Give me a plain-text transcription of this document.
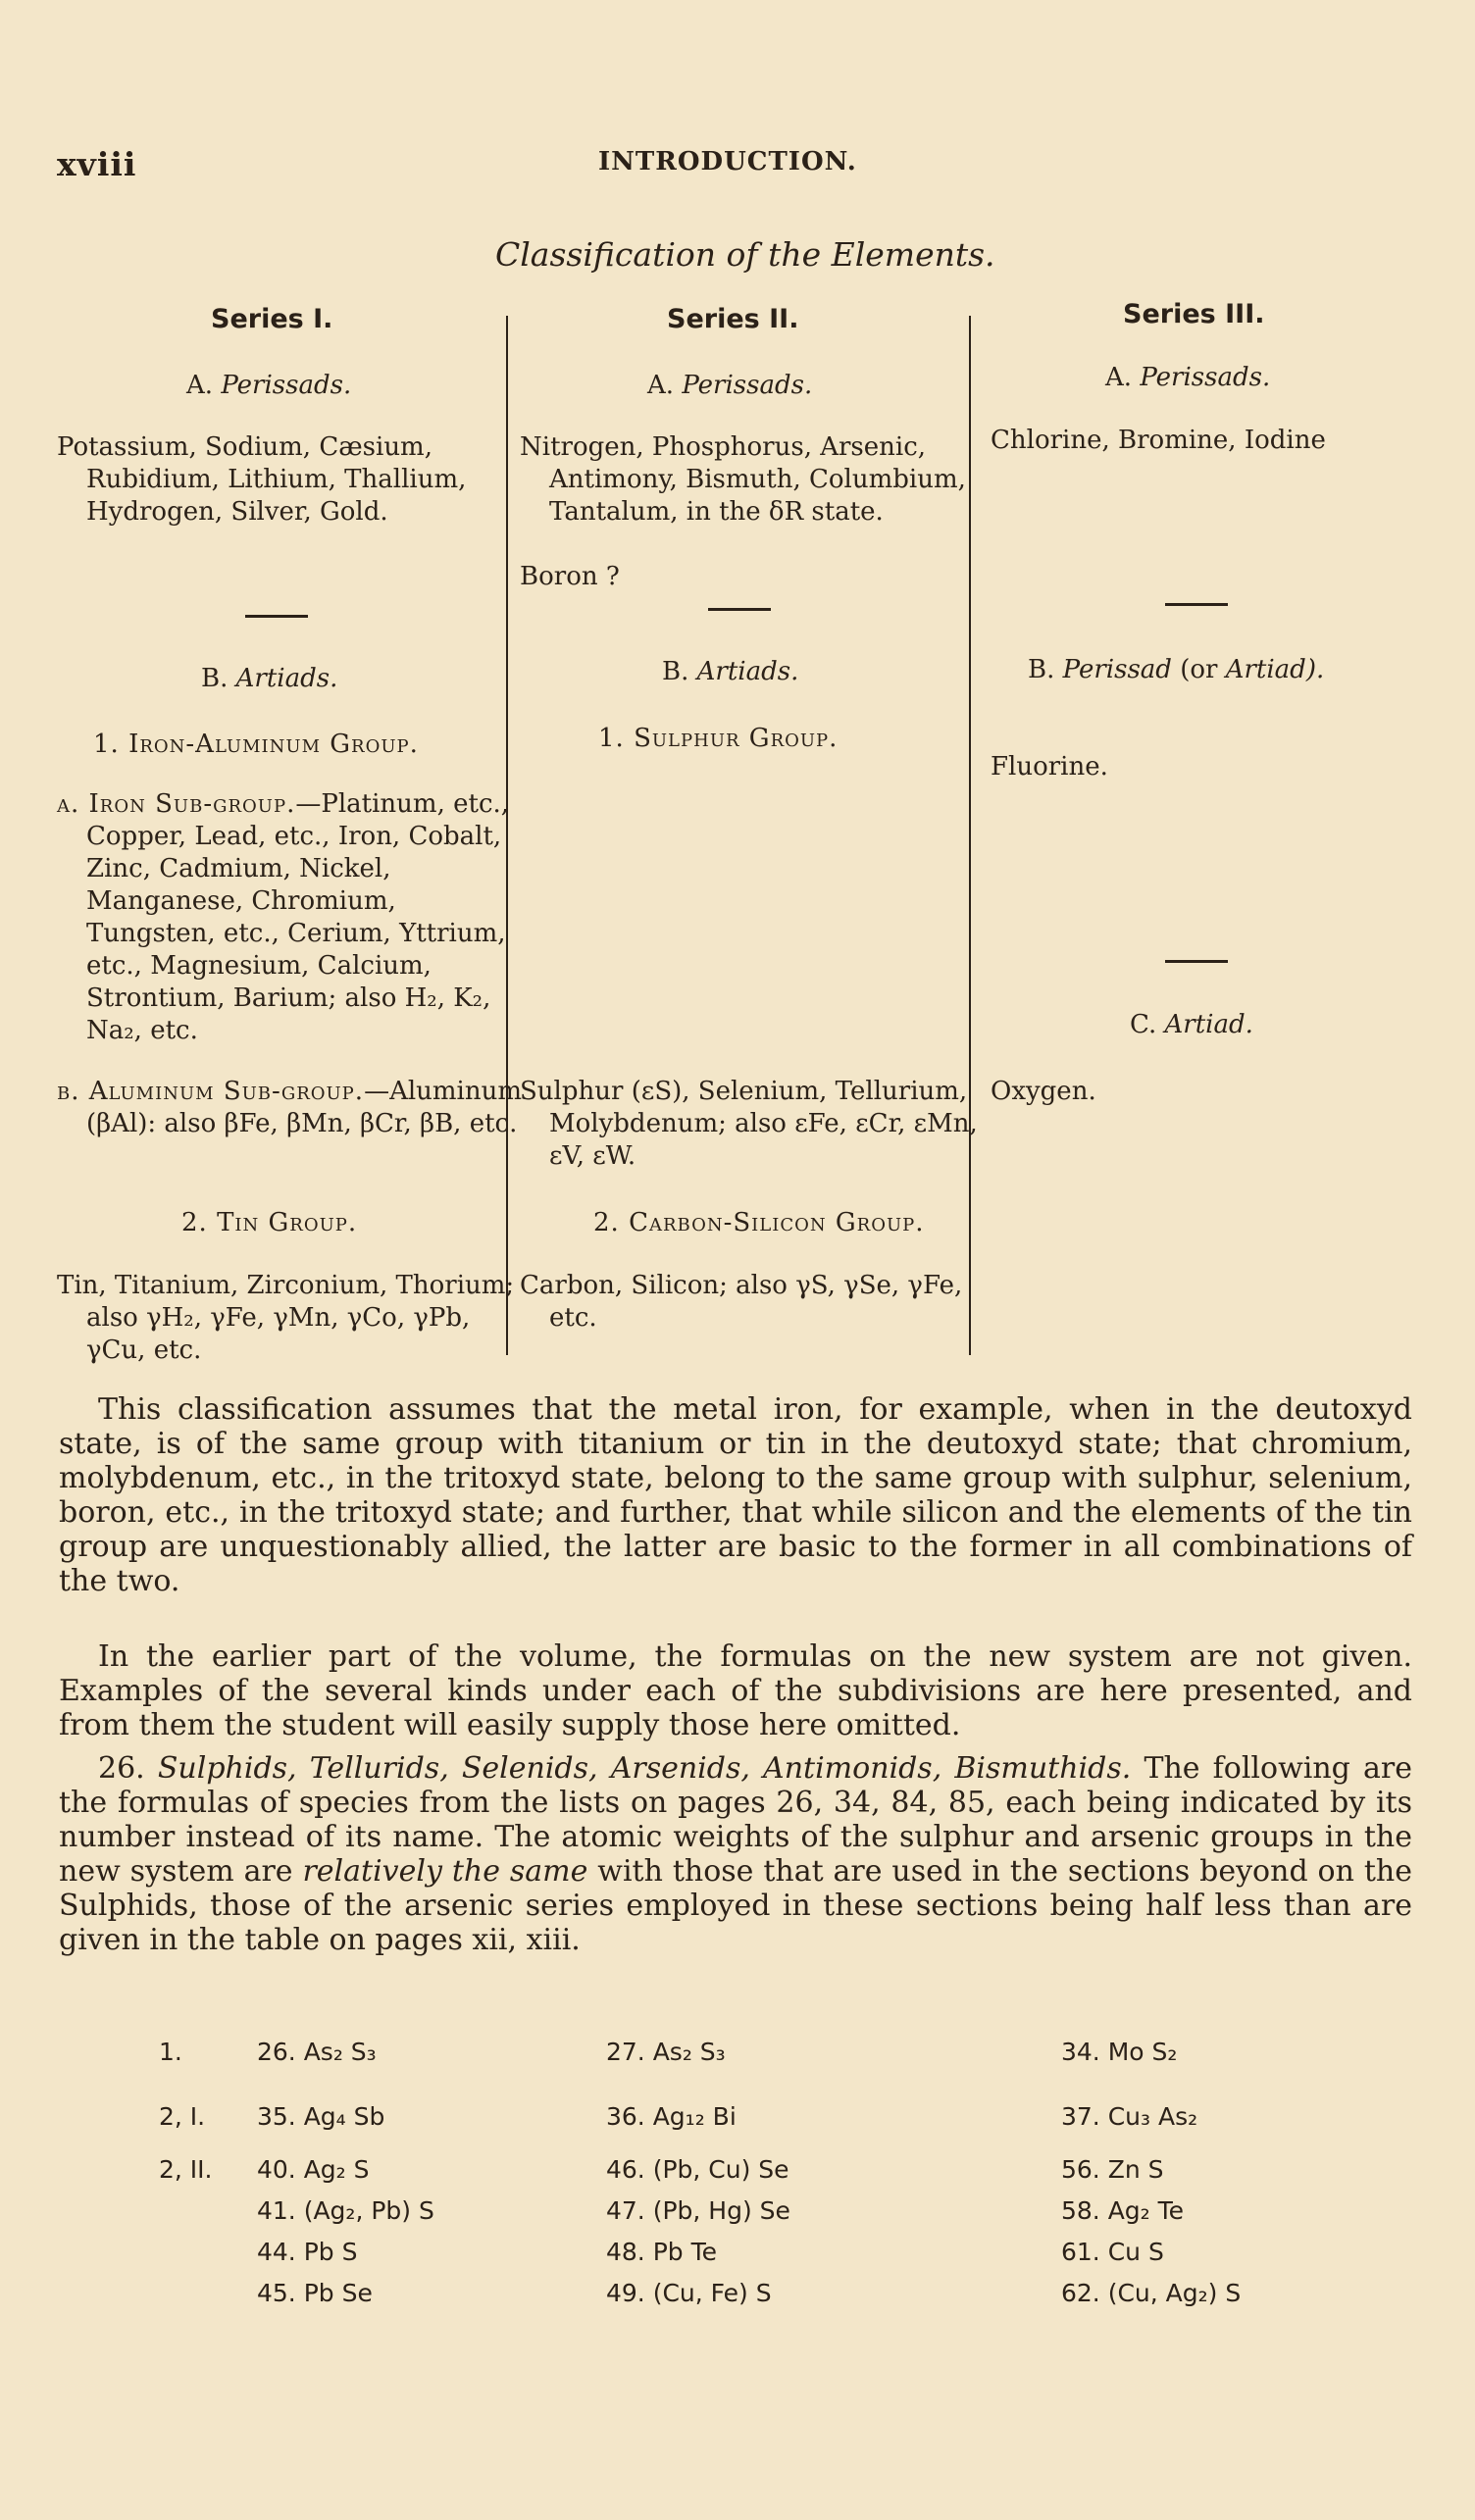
xviii	INTRODUCTION.
Classification of the Elements.
Series I.
A. Perissads.
Potassium, Sodium, Cæsium, Rubidium, Lithium, Thallium, Hydrogen, Silver, Gold.
B. Artiads.
1. Iron-Aluminum Group.
a. Iron Sub-group.—Platinum, etc., Copper, Lead, etc., Iron, Cobalt, Zinc, Cadmium, Nickel, Manganese, Chromium, Tungsten, etc., Cerium, Yttrium, etc., Magnesium, Calcium, Strontium, Barium; also H₂, K₂, Na₂, etc.
b. Aluminum Sub-group.—Aluminum (βAl): also βFe, βMn, βCr, βB, etc.
2. Tin Group.
Tin, Titanium, Zirconium, Thorium; also γH₂, γFe, γMn, γCo, γPb, γCu, etc.
Series II.
A. Perissads.
Nitrogen, Phosphorus, Arsenic, Antimony, Bismuth, Columbium, Tantalum, in the δR state.
Boron ?
B. Artiads.
1. Sulphur Group.
Sulphur (εS), Selenium, Tellurium, Molybdenum; also εFe, εCr, εMn, εV, εW.
2. Carbon-Silicon Group.
Carbon, Silicon; also γS, γSe, γFe, etc.
Series III.
A. Perissads.
Chlorine, Bromine, Iodine
B. Perissad (or Artiad).
Fluorine.
C. Artiad.
Oxygen.
This classification assumes that the metal iron, for example, when in the deutoxyd state, is of the same group with titanium or tin in the deutoxyd state; that chromium, molybdenum, etc., in the tritoxyd state, belong to the same group with sulphur, selenium, boron, etc., in the tritoxyd state; and further, that while silicon and the elements of the tin group are unquestionably allied, the latter are basic to the former in all combinations of the two.
In the earlier part of the volume, the formulas on the new system are not given. Examples of the several kinds under each of the subdivisions are here presented, and from them the student will easily supply those here omitted.
26. Sulphids, Tellurids, Selenids, Arsenids, Antimonids, Bismuthids. The following are the formulas of species from the lists on pages 26, 34, 84, 85, each being indicated by its number instead of its name. The atomic weights of the sulphur and arsenic groups in the new system are relatively the same with those that are used in the sections beyond on the Sulphids, those of the arsenic series employed in these sections being half less than are given in the table on pages xii, xiii.
1.	26. As₂ S₃	27. As₂ S₃	34. Mo S₂
2, I. 35. Ag₄ Sb	36. Ag₁₂ Bi	37. Cu₃ As₂
2, II. 40. Ag₂ S	46. (Pb, Cu) Se	56. Zn S
41. (Ag₂, Pb) S	47. (Pb, Hg) Se	58. Ag₂ Te
44. Pb S	48. Pb Te	61. Cu S
45. Pb Se	49. (Cu, Fe) S	62. (Cu, Ag₂) S
